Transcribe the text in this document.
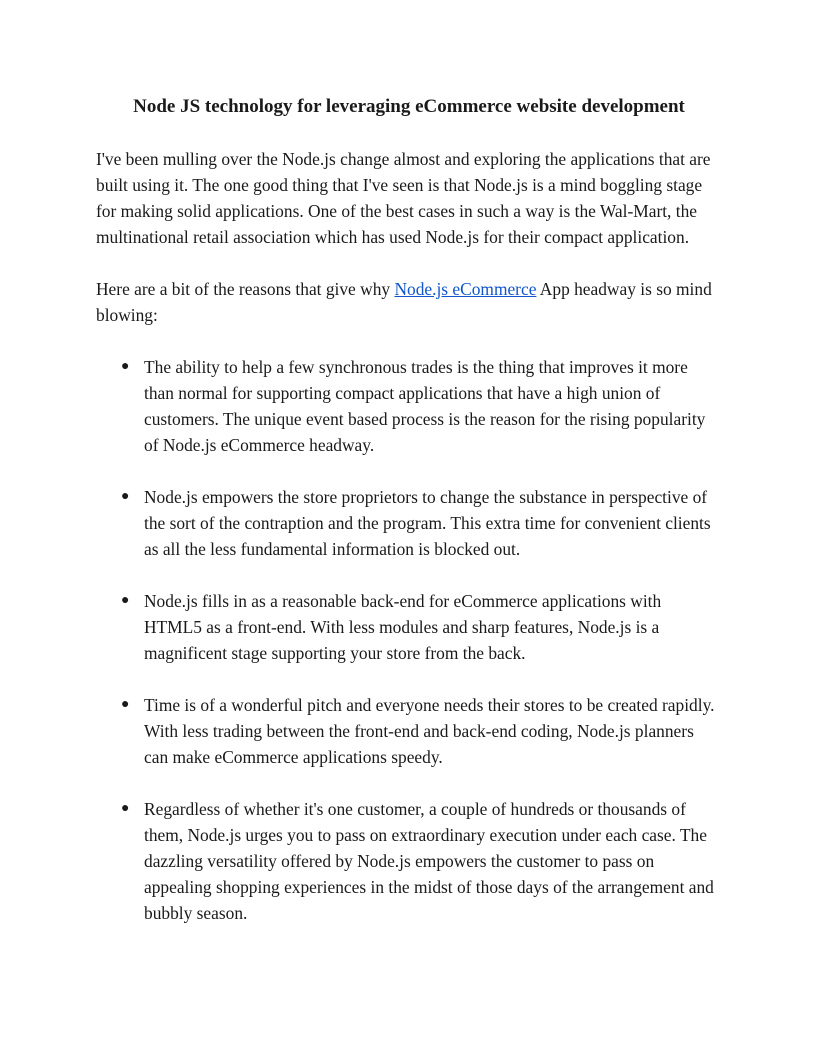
Node JS technology for leveraging eCommerce website development

I've been mulling over the Node.js change almost and exploring the applications that are built using it. The one good thing that I've seen is that Node.js is a mind boggling stage for making solid applications. One of the best cases in such a way is the Wal-Mart, the multinational retail association which has used Node.js for their compact application.

Here are a bit of the reasons that give why Node.js eCommerce App headway is so mind blowing:

● The ability to help a few synchronous trades is the thing that improves it more than normal for supporting compact applications that have a high union of customers. The unique event based process is the reason for the rising popularity of Node.js eCommerce headway.
● Node.js empowers the store proprietors to change the substance in perspective of the sort of the contraption and the program. This extra time for convenient clients as all the less fundamental information is blocked out.
● Node.js fills in as a reasonable back-end for eCommerce applications with HTML5 as a front-end. With less modules and sharp features, Node.js is a magnificent stage supporting your store from the back.
● Time is of a wonderful pitch and everyone needs their stores to be created rapidly. With less trading between the front-end and back-end coding, Node.js planners can make eCommerce applications speedy.
● Regardless of whether it's one customer, a couple of hundreds or thousands of them, Node.js urges you to pass on extraordinary execution under each case. The dazzling versatility offered by Node.js empowers the customer to pass on appealing shopping experiences in the midst of those days of the arrangement and bubbly season.
